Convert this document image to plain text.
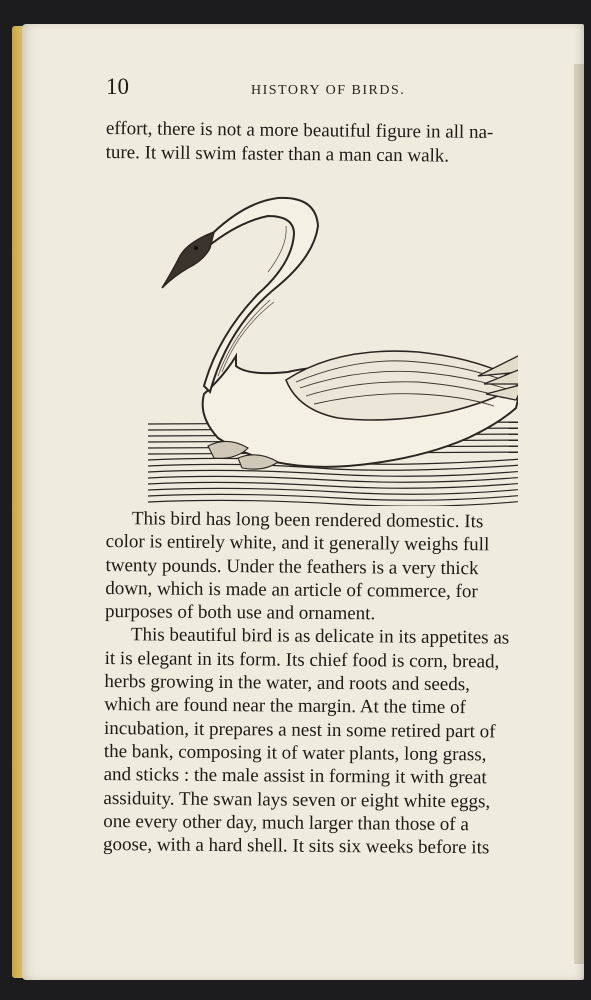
10	HISTORY OF BIRDS.
effort, there is not a more beautiful figure in all na-
ture. It will swim faster than a man can walk.
This bird has long been rendered domestic. Its
color is entirely white, and it generally weighs full
twenty pounds. Under the feathers is a very thick
down, which is made an article of commerce, for
purposes of both use and ornament.
This beautiful bird is as delicate in its appetites as
it is elegant in its form. Its chief food is corn, bread,
herbs growing in the water, and roots and seeds,
which are found near the margin. At the time of
incubation, it prepares a nest in some retired part of
the bank, composing it of water plants, long grass,
and sticks : the male assist in forming it with great
assiduity. The swan lays seven or eight white eggs,
one every other day, much larger than those of a
goose, with a hard shell. It sits six weeks before its
